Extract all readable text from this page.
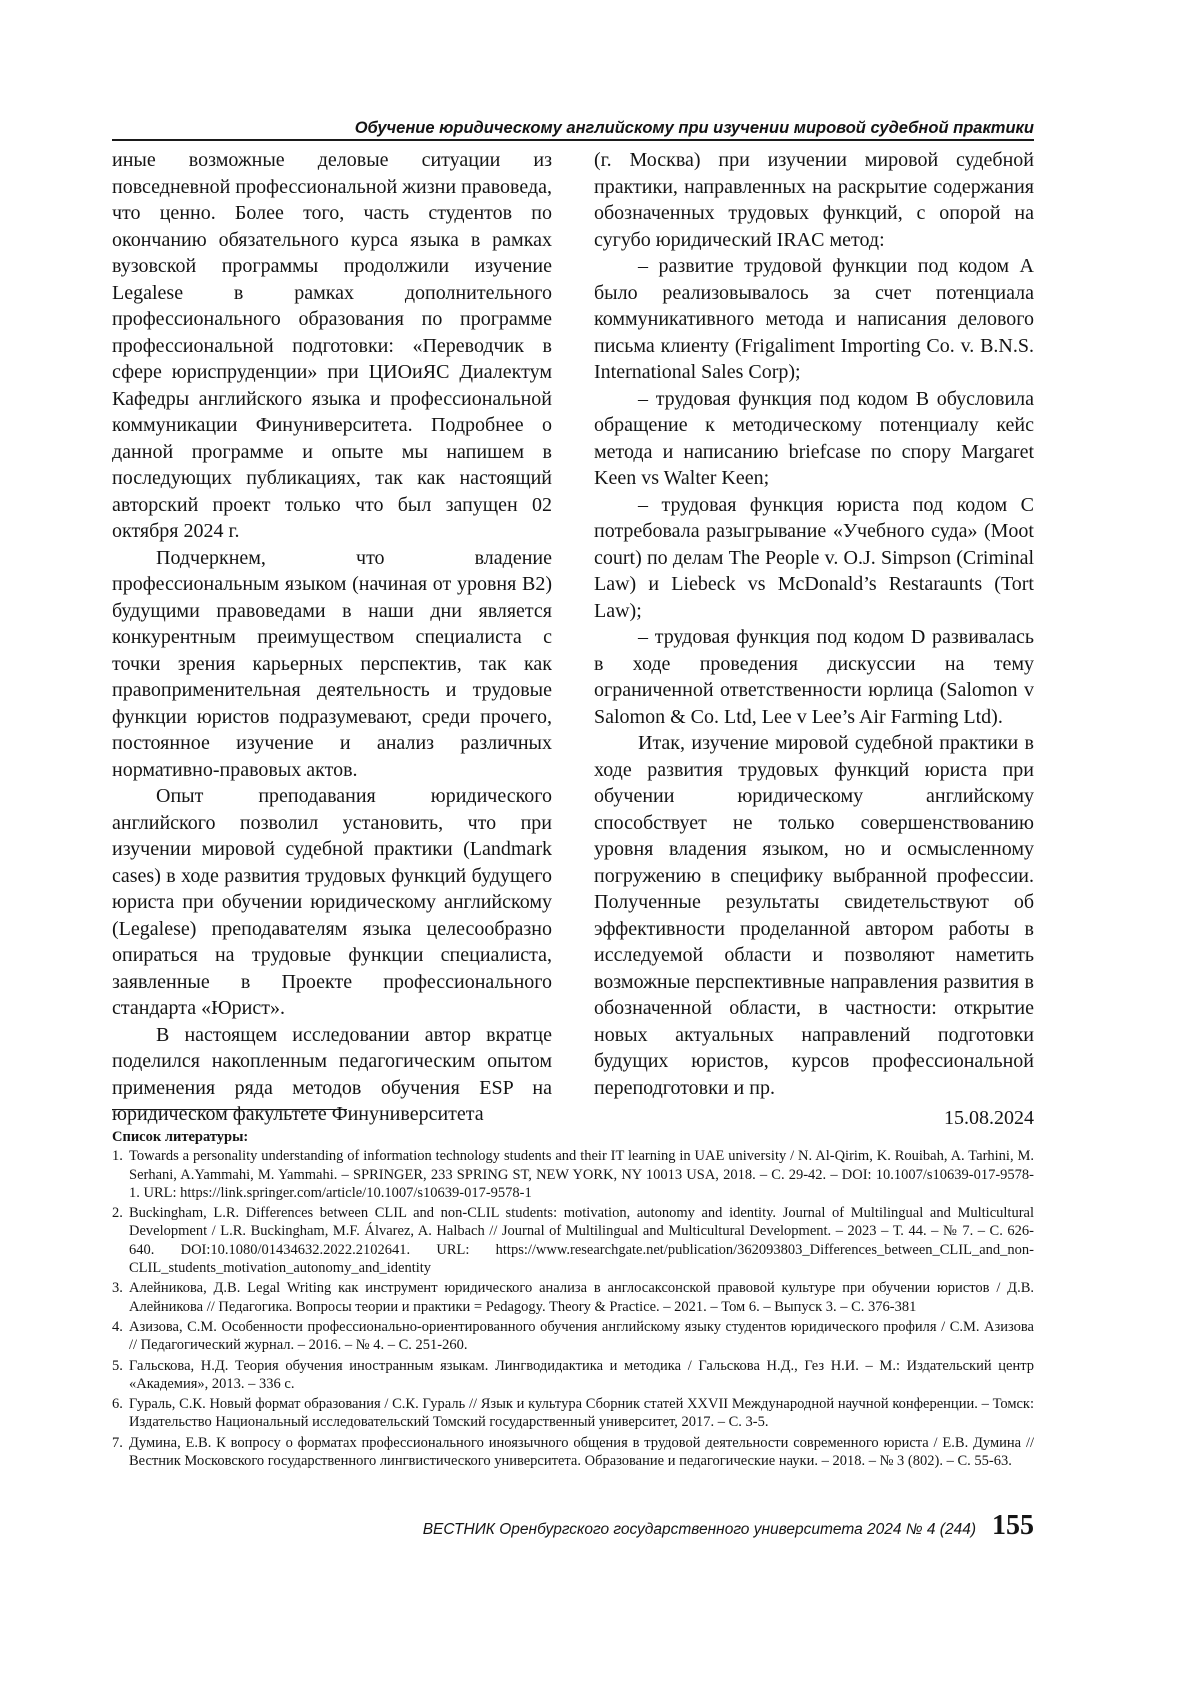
Обучение юридическому английскому при изучении мировой судебной практики

иные возможные деловые ситуации из повседневной профессиональной жизни правоведа, что ценно. Более того, часть студентов по окончанию обязательного курса языка в рамках вузовской программы продолжили изучение Legalese в рамках дополнительного профессионального образования по программе профессиональной подготовки: «Переводчик в сфере юриспруденции» при ЦИОиЯС Диалектум Кафедры английского языка и профессиональной коммуникации Финуниверситета. Подробнее о данной программе и опыте мы напишем в последующих публикациях, так как настоящий авторский проект только что был запущен 02 октября 2024 г.

Подчеркнем, что владение профессиональным языком (начиная от уровня B2) будущими правоведами в наши дни является конкурентным преимуществом специалиста с точки зрения карьерных перспектив, так как правоприменительная деятельность и трудовые функции юристов подразумевают, среди прочего, постоянное изучение и анализ различных нормативно-правовых актов.

Опыт преподавания юридического английского позволил установить, что при изучении мировой судебной практики (Landmark cases) в ходе развития трудовых функций будущего юриста при обучении юридическому английскому (Legalese) преподавателям языка целесообразно опираться на трудовые функции специалиста, заявленные в Проекте профессионального стандарта «Юрист».

В настоящем исследовании автор вкратце поделился накопленным педагогическим опытом применения ряда методов обучения ESP на юридическом факультете Финуниверситета

(г. Москва) при изучении мировой судебной практики, направленных на раскрытие содержания обозначенных трудовых функций, с опорой на сугубо юридический IRAC метод:

– развитие трудовой функции под кодом A было реализовывалось за счет потенциала коммуникативного метода и написания делового письма клиенту (Frigaliment Importing Co. v. B.N.S. International Sales Corp);

– трудовая функция под кодом B обусловила обращение к методическому потенциалу кейс метода и написанию briefcase по спору Margaret Keen vs Walter Keen;

– трудовая функция юриста под кодом C потребовала разыгрывание «Учебного суда» (Moot court) по делам The People v. O.J. Simpson (Criminal Law) и Liebeck vs McDonald’s Restaraunts (Tort Law);

– трудовая функция под кодом D развивалась в ходе проведения дискуссии на тему ограниченной ответственности юрлица (Salomon v Salomon & Co. Ltd, Lee v Lee’s Air Farming Ltd).

Итак, изучение мировой судебной практики в ходе развития трудовых функций юриста при обучении юридическому английскому способствует не только совершенствованию уровня владения языком, но и осмысленному погружению в специфику выбранной профессии. Полученные результаты свидетельствуют об эффективности проделанной автором работы в исследуемой области и позволяют наметить возможные перспективные направления развития в обозначенной области, в частности: открытие новых актуальных направлений подготовки будущих юристов, курсов профессиональной переподготовки и пр.

15.08.2024
Список литературы:
1. Towards a personality understanding of information technology students and their IT learning in UAE university / N. Al-Qirim, K. Rouibah, A. Tarhini, M. Serhani, A.Yammahi, M. Yammahi. – SPRINGER, 233 SPRING ST, NEW YORK, NY 10013 USA, 2018. – С. 29-42. – DOI: 10.1007/s10639-017-9578-1. URL: https://link.springer.com/article/10.1007/s10639-017-9578-1
2. Buckingham, L.R. Differences between CLIL and non-CLIL students: motivation, autonomy and identity. Journal of Multilingual and Multicultural Development / L.R. Buckingham, M.F. Álvarez, A. Halbach // Journal of Multilingual and Multicultural Development. – 2023 – Т. 44. – № 7. – С. 626-640. DOI:10.1080/01434632.2022.2102641. URL: https://www.researchgate.net/publication/362093803_Differences_between_CLIL_and_non-CLIL_students_motivation_autonomy_and_identity
3. Алейникова, Д.В. Legal Writing как инструмент юридического анализа в англосаксонской правовой культуре при обучении юристов / Д.В. Алейникова // Педагогика. Вопросы теории и практики = Pedagogy. Theory & Practice. – 2021. – Том 6. – Выпуск 3. – С. 376-381
4. Азизова, С.М. Особенности профессионально-ориентированного обучения английскому языку студентов юридического профиля / С.М. Азизова // Педагогический журнал. – 2016. – № 4. – С. 251-260.
5. Гальскова, Н.Д. Теория обучения иностранным языкам. Лингводидактика и методика / Гальскова Н.Д., Гез Н.И. – М.: Издательский центр «Академия», 2013. – 336 с.
6. Гураль, С.К. Новый формат образования / С.К. Гураль // Язык и культура Сборник статей XXVII Международной научной конференции. – Томск: Издательство Национальный исследовательский Томский государственный университет, 2017. – С. 3-5.
7. Думина, Е.В. К вопросу о форматах профессионального иноязычного общения в трудовой деятельности современного юриста / Е.В. Думина // Вестник Московского государственного лингвистического университета. Образование и педагогические науки. – 2018. – № 3 (802). – С. 55-63.
ВЕСТНИК Оренбургского государственного университета 2024 № 4 (244) 155
